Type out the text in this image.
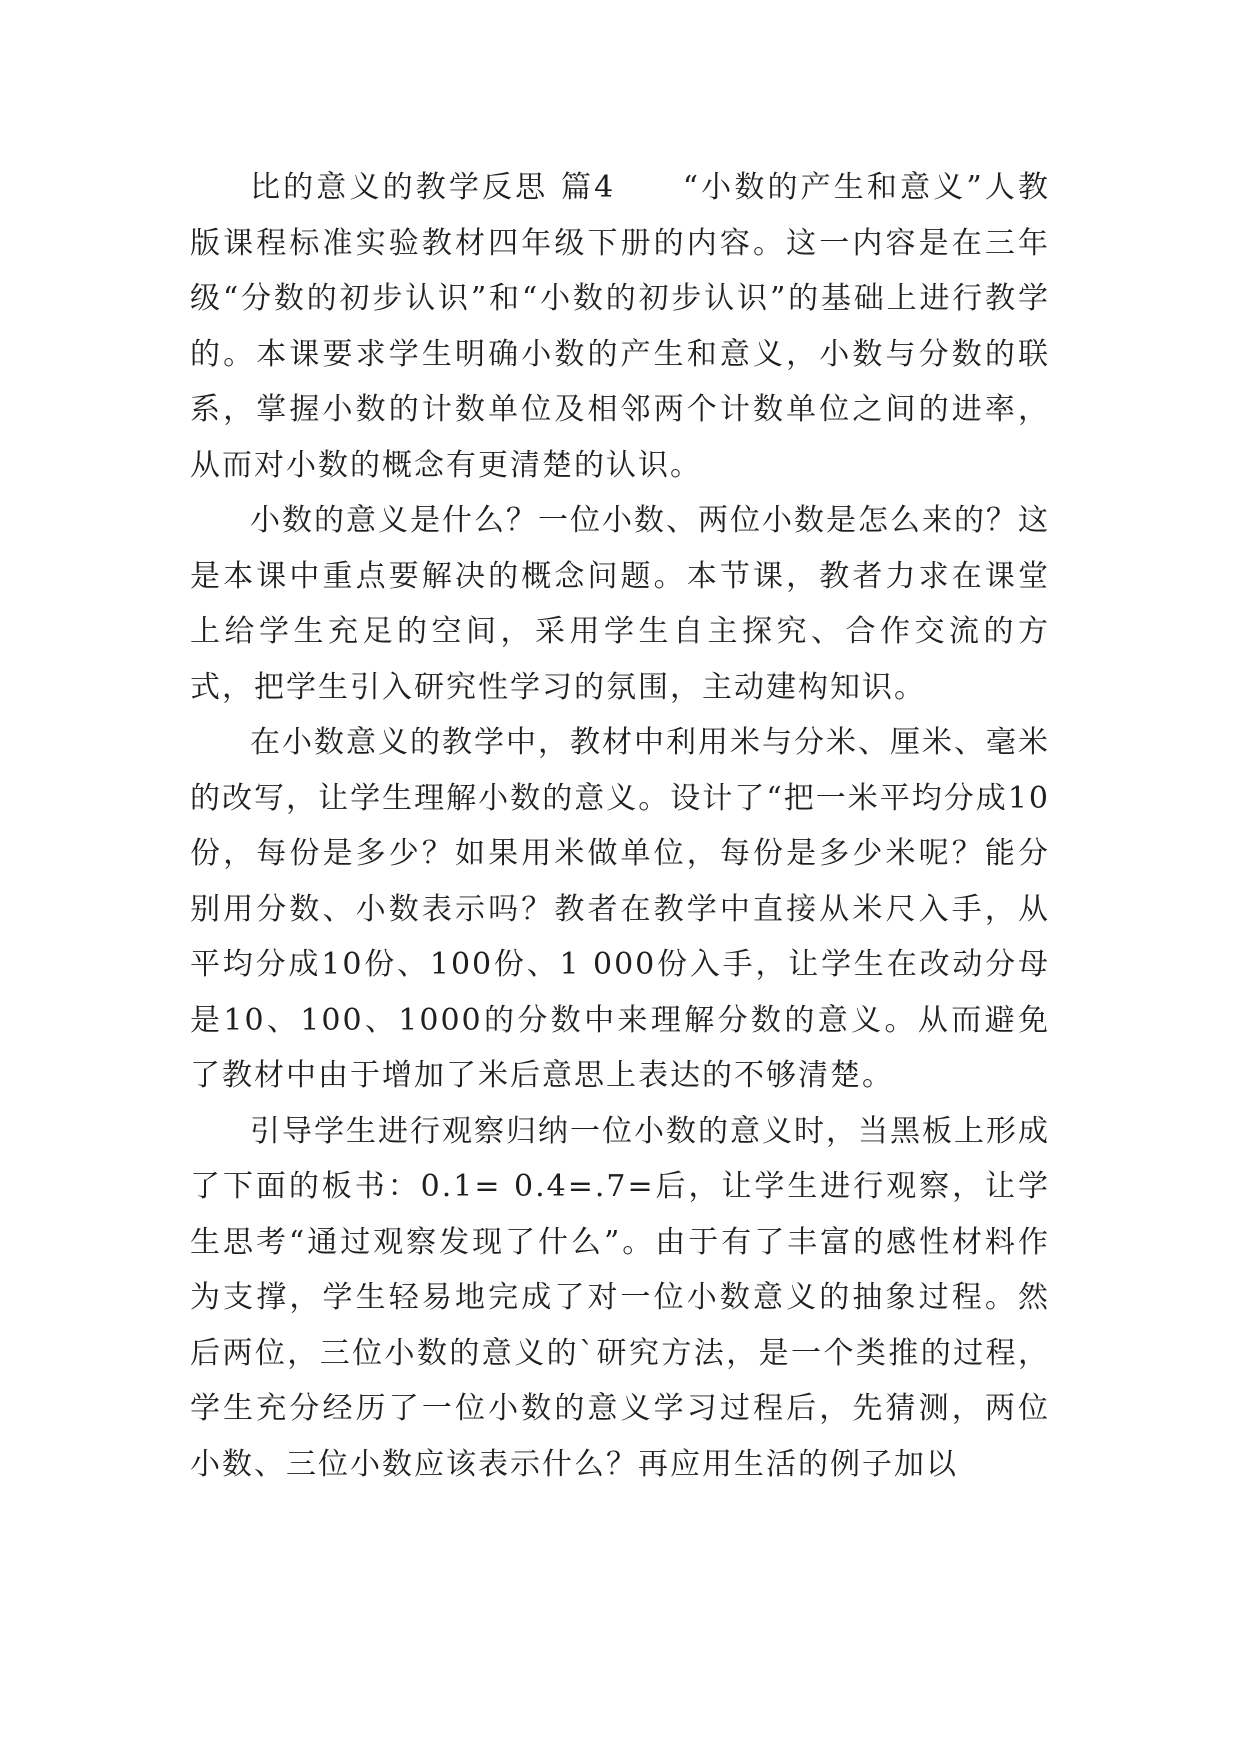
比的意义的教学反思 篇4　　“小数的产生和意义”人教版课程标准实验教材四年级下册的内容。这一内容是在三年级“分数的初步认识”和“小数的初步认识”的基础上进行教学的。本课要求学生明确小数的产生和意义，小数与分数的联系，掌握小数的计数单位及相邻两个计数单位之间的进率，从而对小数的概念有更清楚的认识。

小数的意义是什么？一位小数、两位小数是怎么来的？这是本课中重点要解决的概念问题。本节课，教者力求在课堂上给学生充足的空间，采用学生自主探究、合作交流的方式，把学生引入研究性学习的氛围，主动建构知识。

在小数意义的教学中，教材中利用米与分米、厘米、毫米的改写，让学生理解小数的意义。设计了“把一米平均分成10份，每份是多少？如果用米做单位，每份是多少米呢？能分别用分数、小数表示吗？教者在教学中直接从米尺入手，从平均分成10份、100份、1 000份入手，让学生在改动分母是10、100、1000的分数中来理解分数的意义。从而避免了教材中由于增加了米后意思上表达的不够清楚。

引导学生进行观察归纳一位小数的意义时，当黑板上形成了下面的板书：0.1= 0.4=.7=后，让学生进行观察，让学生思考“通过观察发现了什么”。由于有了丰富的感性材料作为支撑，学生轻易地完成了对一位小数意义的抽象过程。然后两位，三位小数的意义的`研究方法，是一个类推的过程，学生充分经历了一位小数的意义学习过程后，先猜测，两位小数、三位小数应该表示什么？再应用生活的例子加以
